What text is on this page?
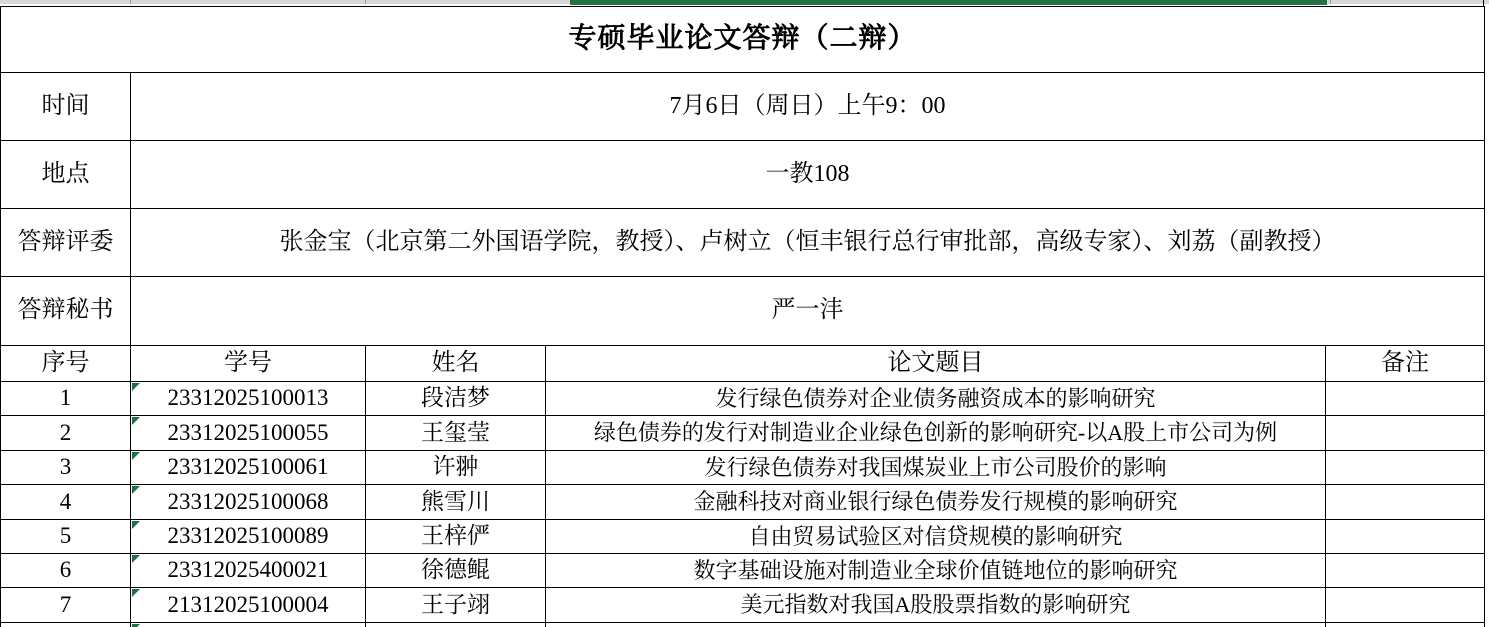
专硕毕业论文答辩（二辩）
时间	7月6日（周日）上午9：00
地点	一教108
答辩评委	张金宝（北京第二外国语学院，教授）、卢树立（恒丰银行总行审批部，高级专家）、刘荔（副教授）
答辩秘书	严一沣
序号	学号	姓名	论文题目	备注
1	23312025100013	段洁梦	发行绿色债券对企业债务融资成本的影响研究
2	23312025100055	王玺莹	绿色债券的发行对制造业企业绿色创新的影响研究-以A股上市公司为例
3	23312025100061	许翀	发行绿色债券对我国煤炭业上市公司股价的影响
4	23312025100068	熊雪川	金融科技对商业银行绿色债券发行规模的影响研究
5	23312025100089	王梓俨	自由贸易试验区对信贷规模的影响研究
6	23312025400021	徐德鲲	数字基础设施对制造业全球价值链地位的影响研究
7	21312025100004	王子翊	美元指数对我国A股股票指数的影响研究
